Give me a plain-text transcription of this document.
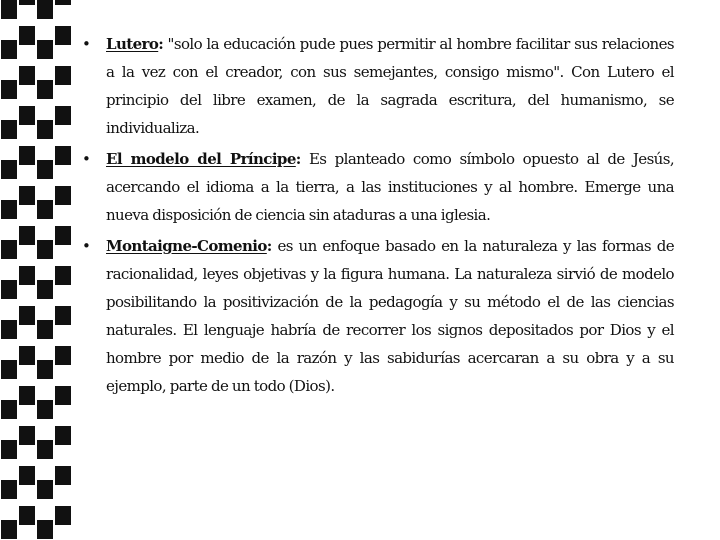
• Lutero: "solo la educación pude pues permitir al hombre facilitar sus relaciones a la vez con el creador, con sus semejantes, consigo mismo". Con Lutero el principio del libre examen, de la sagrada escritura, del humanismo, se individualiza.
• El modelo del Príncipe: Es planteado como símbolo opuesto al de Jesús, acercando el idioma a la tierra, a las instituciones y al hombre. Emerge una nueva disposición de ciencia sin ataduras a una iglesia.
• Montaigne-Comenio: es un enfoque basado en la naturaleza y las formas de racionalidad, leyes objetivas y la figura humana. La naturaleza sirvió de modelo posibilitando la positivización de la pedagogía y su método el de las ciencias naturales. El lenguaje habría de recorrer los signos depositados por Dios y el hombre por medio de la razón y las sabidurías acercaran a su obra y a su ejemplo, parte de un todo (Dios).
